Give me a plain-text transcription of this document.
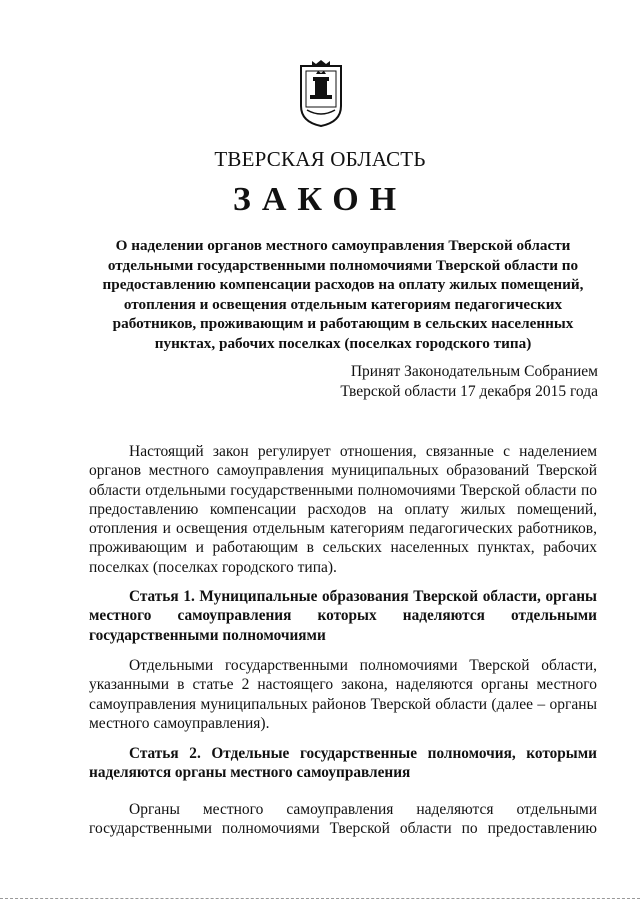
ТВЕРСКАЯ ОБЛАСТЬ
ЗАКОН
О наделении органов местного самоуправления Тверской области отдельными государственными полномочиями Тверской области по предоставлению компенсации расходов на оплату жилых помещений, отопления и освещения отдельным категориям педагогических работников, проживающим и работающим в сельских населенных пунктах, рабочих поселках (поселках городского типа)
Принят Законодательным Собранием
Тверской области 17 декабря 2015 года
Настоящий закон регулирует отношения, связанные с наделением органов местного самоуправления муниципальных образований Тверской области отдельными государственными полномочиями Тверской области по предоставлению компенсации расходов на оплату жилых помещений, отопления и освещения отдельным категориям педагогических работников, проживающим и работающим в сельских населенных пунктах, рабочих поселках (поселках городского типа).
Статья 1. Муниципальные образования Тверской области, органы местного самоуправления которых наделяются отдельными государственными полномочиями
Отдельными государственными полномочиями Тверской области, указанными в статье 2 настоящего закона, наделяются органы местного самоуправления муниципальных районов Тверской области (далее – органы местного самоуправления).
Статья 2. Отдельные государственные полномочия, которыми наделяются органы местного самоуправления
Органы местного самоуправления наделяются отдельными государственными полномочиями Тверской области по предоставлению
